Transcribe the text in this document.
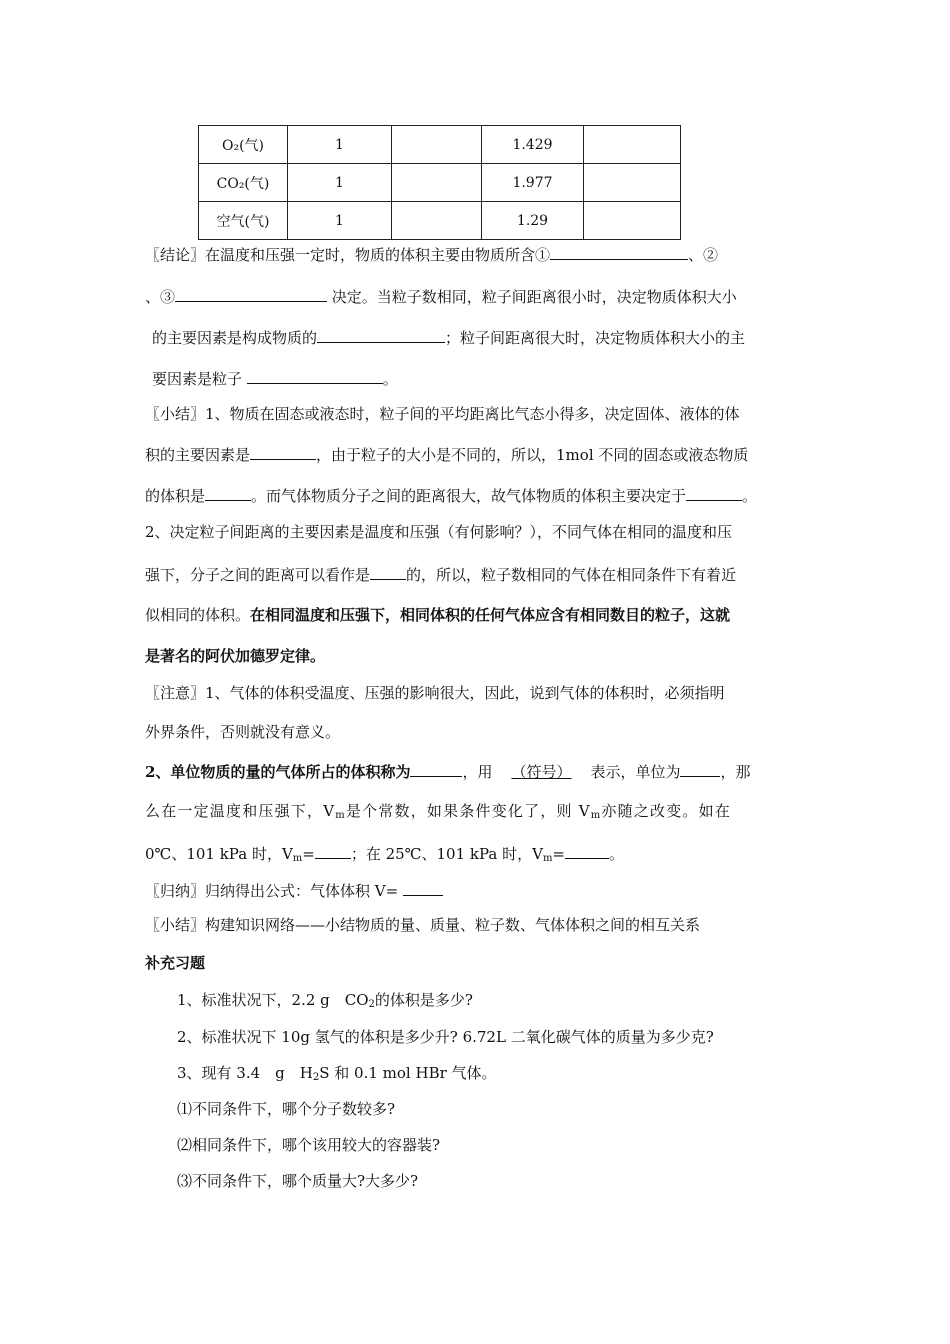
O₂(气)	1		1.429	
CO₂(气)	1		1.977	
空气(气)	1		1.29	
〖结论〗在温度和压强一定时，物质的体积主要由物质所含①	、②
、③	决定。当粒子数相同，粒子间距离很小时，决定物质体积大小
的主要因素是构成物质的	；粒子间距离很大时，决定物质体积大小的主
要因素是粒子	。
〖小结〗1、物质在固态或液态时，粒子间的平均距离比气态小得多，决定固体、液体的体
积的主要因素是	，由于粒子的大小是不同的，所以，1mol 不同的固态或液态物质
的体积是	。而气体物质分子之间的距离很大，故气体物质的体积主要决定于	。
2、决定粒子间距离的主要因素是温度和压强（有何影响？），不同气体在相同的温度和压
强下，分子之间的距离可以看作是 的，所以，粒子数相同的气体在相同条件下有着近
似相同的体积。在相同温度和压强下，相同体积的任何气体应含有相同数目的粒子，这就
是著名的阿伏加德罗定律。
〖注意〗1、气体的体积受温度、压强的影响很大，因此，说到气体的体积时，必须指明
外界条件，否则就没有意义。
2、单位物质的量的气体所占的体积称为	，用 （符号） 表示，单位为	，那
么在一定温度和压强下，$V_m$是个常数，如果条件变化了，则 $V_m$亦随之改变。如在
0℃、101 kPa 时，$V_m=$ ；在 25℃、101 kPa 时，$V_m=$	。
〖归纳〗归纳得出公式：气体体积 V=
〖小结〗构建知识网络——小结物质的量、质量、粒子数、气体体积之间的相互关系
补充习题
1、标准状况下，2.2 g　$CO_2$的体积是多少?
2、标准状况下 10g 氢气的体积是多少升? 6.72L 二氧化碳气体的质量为多少克?
3、现有 3.4　g　$H_2S$ 和 0.1 mol HBr 气体。
⑴不同条件下，哪个分子数较多?
⑵相同条件下，哪个该用较大的容器装?
⑶不同条件下，哪个质量大?大多少?
